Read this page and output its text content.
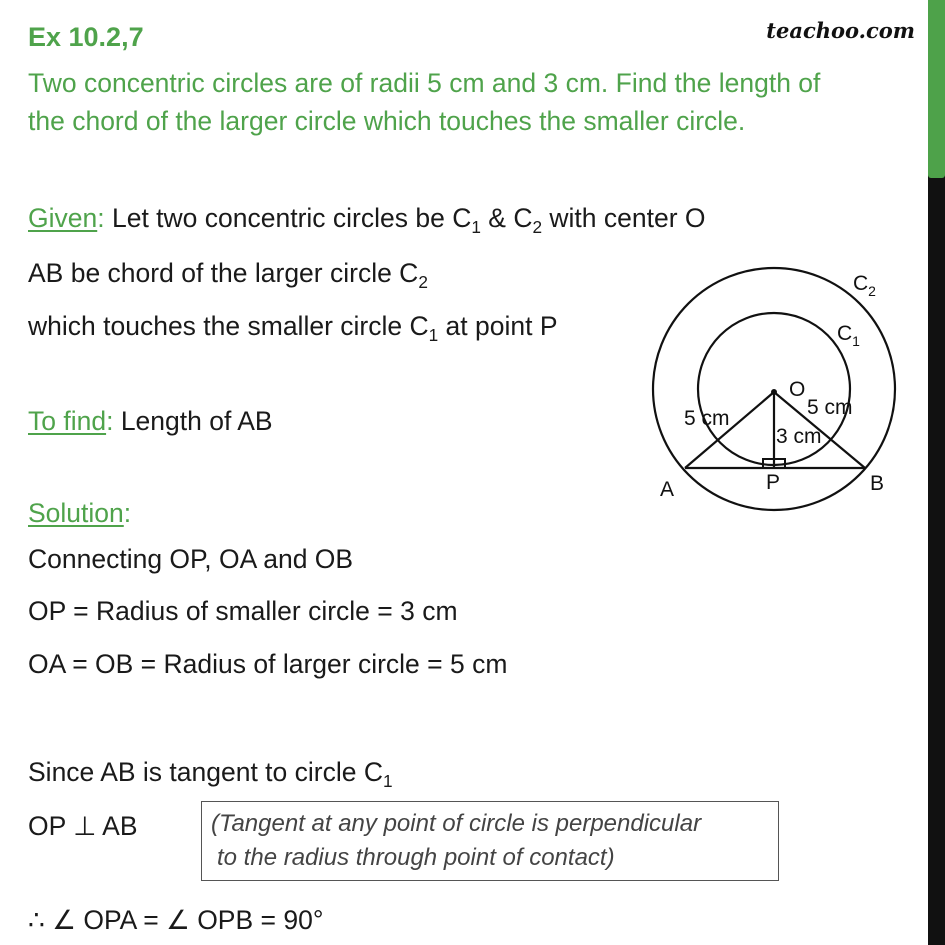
Ex 10.2,7	teachoo.com
Two concentric circles are of radii 5 cm and 3 cm. Find the length of
the chord of the larger circle which touches the smaller circle.
Given: Let two concentric circles be $C_1$ & $C_2$ with center O
AB be chord of the larger circle $C_2$
which touches the smaller circle $C_1$ at point P
To find: Length of AB
Solution:
Connecting OP, OA and OB
OP = Radius of smaller circle = 3 cm
OA = OB = Radius of larger circle = 5 cm
Since AB is tangent to circle $C_1$
OP ⊥ AB	(Tangent at any point of circle is perpendicular
to the radius through point of contact)
∴ ∠ OPA = ∠ OPB = 90°
$C_2$
$C_1$
O
5 cm	5 cm
3 cm
A	B
P
